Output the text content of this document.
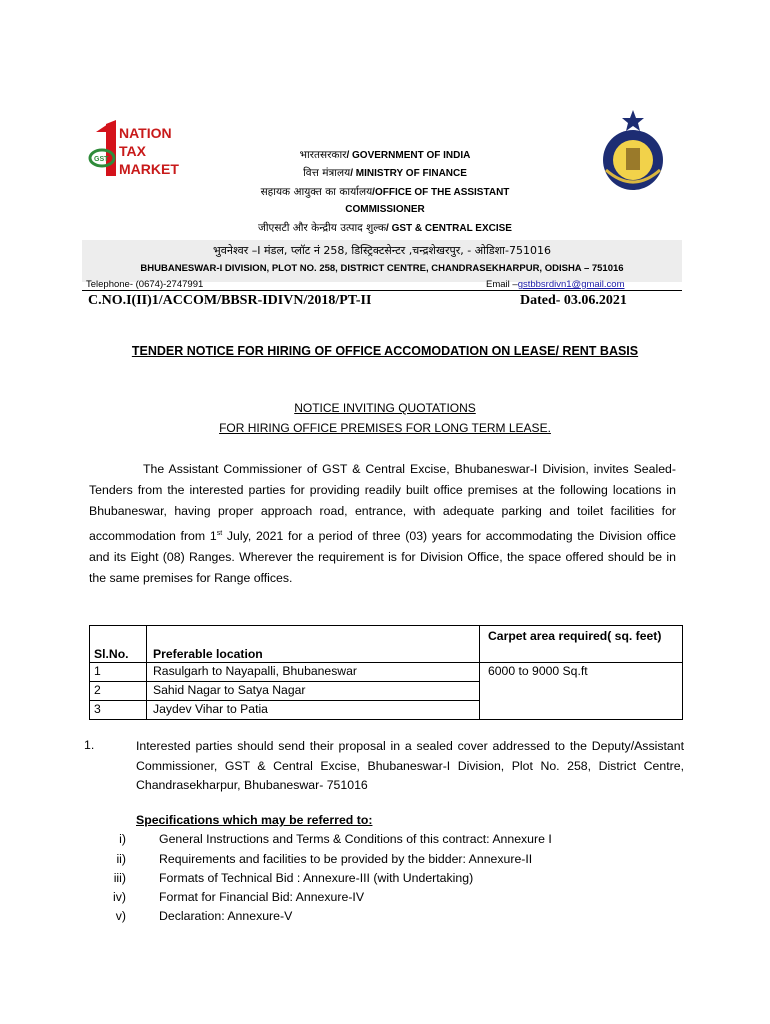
GST
NATION
TAX
MARKET
भारतसरकार/ GOVERNMENT OF INDIA
वित्त मंत्रालय/ MINISTRY OF FINANCE
सहायक आयुक्त का कार्यालय/OFFICE OF THE ASSISTANT
COMMISSIONER
जीएसटी और केन्द्रीय उत्पाद शुल्क/ GST & CENTRAL EXCISE
भुवनेश्वर –I मंडल, प्लॉट नं 258, डिस्ट्रिक्टसेन्टर ,चन्द्रशेखरपुर, - ओडिशा-751016
BHUBANESWAR-I DIVISION, PLOT NO. 258, DISTRICT CENTRE, CHANDRASEKHARPUR, ODISHA – 751016
Telephone- (0674)-2747991	Email –gstbbsrdivn1@gmail.com
C.NO.I(II)1/ACCOM/BBSR-IDIVN/2018/PT-II	Dated- 03.06.2021
TENDER NOTICE FOR HIRING OF OFFICE ACCOMODATION ON LEASE/ RENT BASIS
NOTICE INVITING QUOTATIONS
FOR HIRING OFFICE PREMISES FOR LONG TERM LEASE.
The Assistant Commissioner of GST & Central Excise, Bhubaneswar-I Division, invites Sealed-Tenders from the interested parties for providing readily built office premises at the following locations in Bhubaneswar, having proper approach road, entrance, with adequate parking and toilet facilities for accommodation from 1st July, 2021 for a period of three (03) years for accommodating the Division office and its Eight (08) Ranges. Wherever the requirement is for Division Office, the space offered should be in the same premises for Range offices.
Sl.No.	Preferable location	Carpet area required( sq. feet)
1	Rasulgarh to Nayapalli, Bhubaneswar	6000 to 9000 Sq.ft
2	Sahid Nagar to Satya Nagar	
3	Jaydev Vihar to Patia	
1.	Interested parties should send their proposal in a sealed cover addressed to the Deputy/Assistant Commissioner, GST & Central Excise, Bhubaneswar-I Division, Plot No. 258, District Centre, Chandrasekharpur, Bhubaneswar- 751016
Specifications which may be referred to:
i)	General Instructions and Terms & Conditions of this contract: Annexure I
ii)	Requirements and facilities to be provided by the bidder: Annexure-II
iii)	Formats of Technical Bid : Annexure-III (with Undertaking)
iv)	Format for Financial Bid: Annexure-IV
v)	Declaration: Annexure-V
